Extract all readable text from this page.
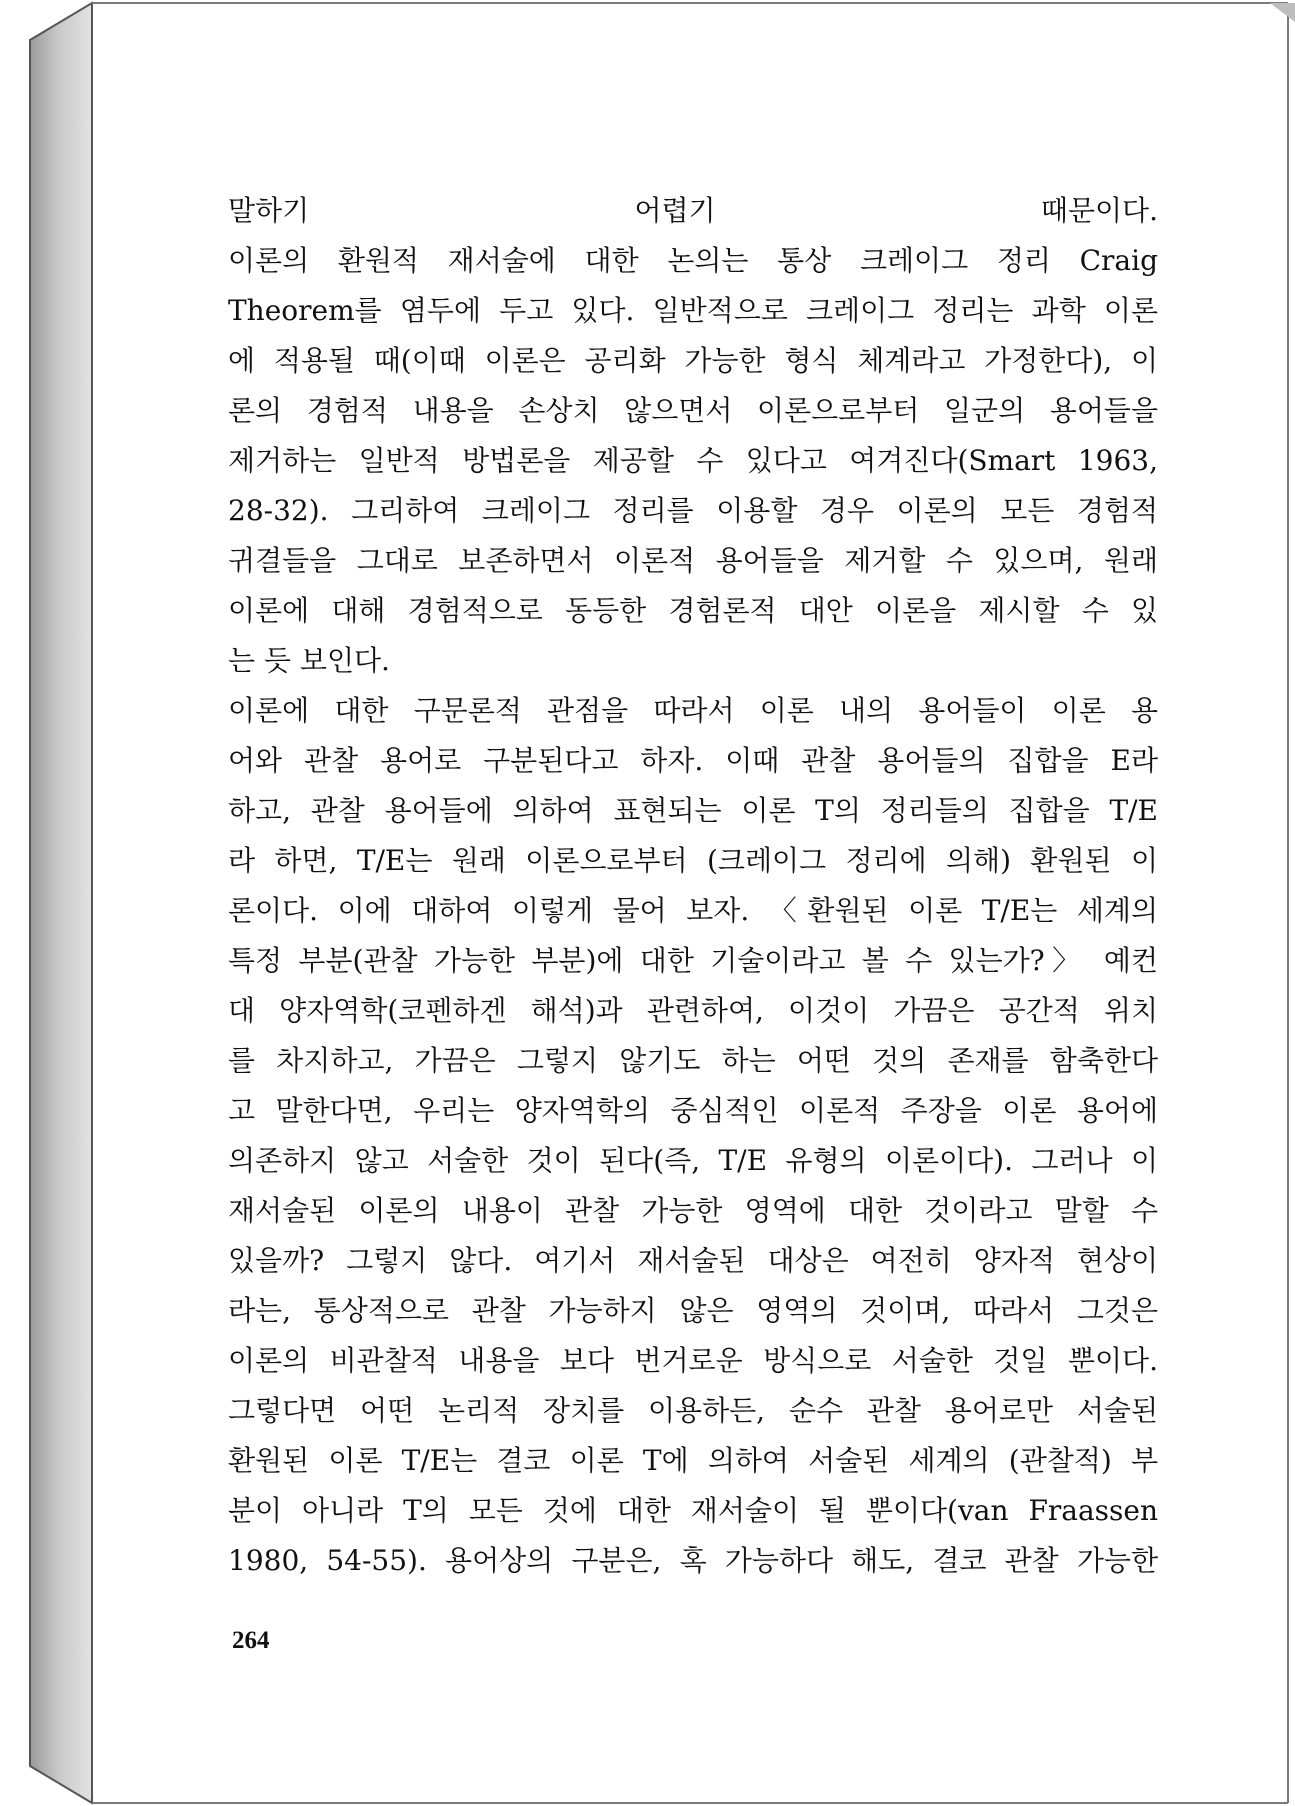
말하기 어렵기 때문이다.
이론의 환원적 재서술에 대한 논의는 통상 크레이그 정리 Craig
Theorem를 염두에 두고 있다. 일반적으로 크레이그 정리는 과학 이론
에 적용될 때(이때 이론은 공리화 가능한 형식 체계라고 가정한다), 이
론의 경험적 내용을 손상치 않으면서 이론으로부터 일군의 용어들을
제거하는 일반적 방법론을 제공할 수 있다고 여겨진다(Smart 1963,
28-32). 그리하여 크레이그 정리를 이용할 경우 이론의 모든 경험적
귀결들을 그대로 보존하면서 이론적 용어들을 제거할 수 있으며, 원래
이론에 대해 경험적으로 동등한 경험론적 대안 이론을 제시할 수 있
는 듯 보인다.
이론에 대한 구문론적 관점을 따라서 이론 내의 용어들이 이론 용
어와 관찰 용어로 구분된다고 하자. 이때 관찰 용어들의 집합을 E라
하고, 관찰 용어들에 의하여 표현되는 이론 T의 정리들의 집합을 T/E
라 하면, T/E는 원래 이론으로부터 (크레이그 정리에 의해) 환원된 이
론이다. 이에 대하여 이렇게 물어 보자. 〈환원된 이론 T/E는 세계의
특정 부분(관찰 가능한 부분)에 대한 기술이라고 볼 수 있는가?〉 예컨
대 양자역학(코펜하겐 해석)과 관련하여, 이것이 가끔은 공간적 위치
를 차지하고, 가끔은 그렇지 않기도 하는 어떤 것의 존재를 함축한다
고 말한다면, 우리는 양자역학의 중심적인 이론적 주장을 이론 용어에
의존하지 않고 서술한 것이 된다(즉, T/E 유형의 이론이다). 그러나 이
재서술된 이론의 내용이 관찰 가능한 영역에 대한 것이라고 말할 수
있을까? 그렇지 않다. 여기서 재서술된 대상은 여전히 양자적 현상이
라는, 통상적으로 관찰 가능하지 않은 영역의 것이며, 따라서 그것은
이론의 비관찰적 내용을 보다 번거로운 방식으로 서술한 것일 뿐이다.
그렇다면 어떤 논리적 장치를 이용하든, 순수 관찰 용어로만 서술된
환원된 이론 T/E는 결코 이론 T에 의하여 서술된 세계의 (관찰적) 부
분이 아니라 T의 모든 것에 대한 재서술이 될 뿐이다(van Fraassen
1980, 54-55). 용어상의 구분은, 혹 가능하다 해도, 결코 관찰 가능한
264
